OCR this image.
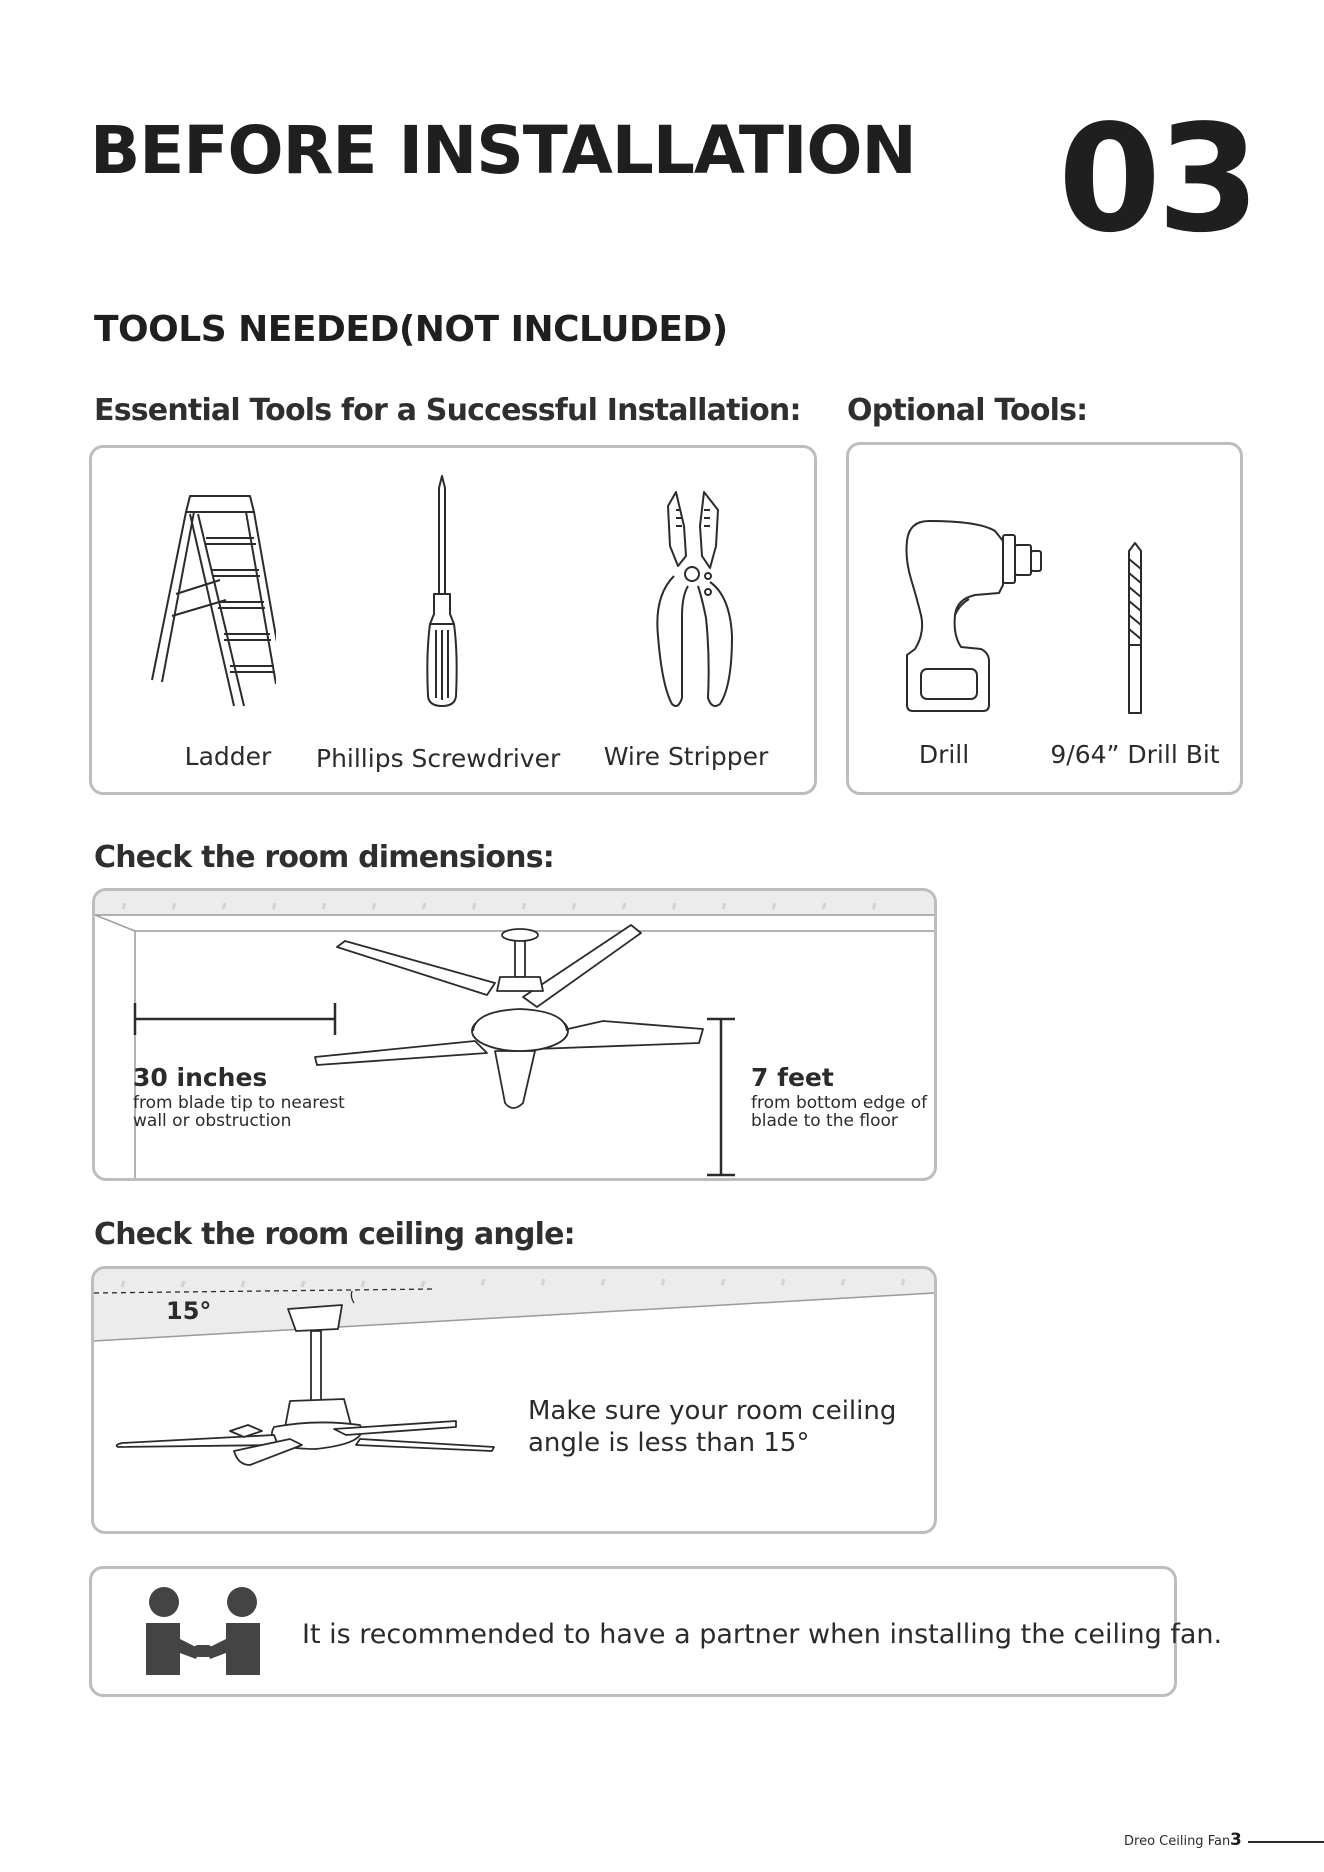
BEFORE INSTALLATION 03
TOOLS NEEDED(NOT INCLUDED)
Essential Tools for a Successful Installation: Optional Tools:
Ladder	Phillips Screwdriver	Wire Stripper	Drill	9/64” Drill Bit
Check the room dimensions:
30 inches
from blade tip to nearest
wall or obstruction
7 feet
from bottom edge of
blade to the floor
Check the room ceiling angle:
15°
Make sure your room ceiling
angle is less than 15°
It is recommended to have a partner when installing the ceiling fan.
Dreo Ceiling Fan 3
